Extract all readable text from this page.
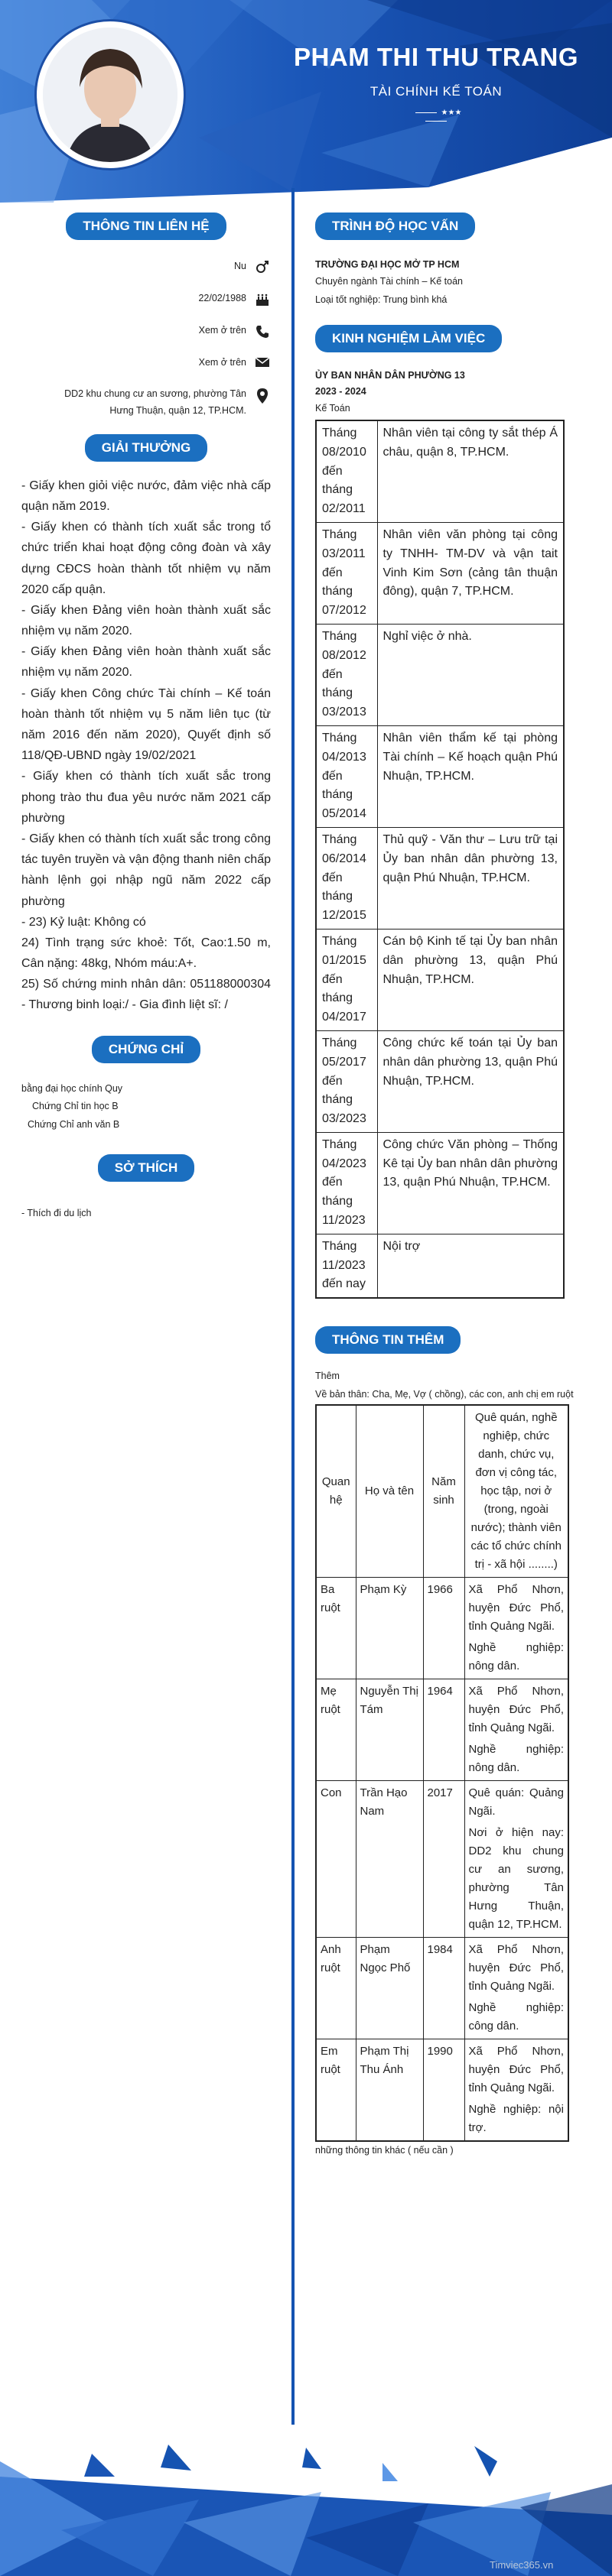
PHAM THI THU TRANG
TÀI CHÍNH KẾ TOÁN
★★★
THÔNG TIN LIÊN HỆ
Nu
22/02/1988
Xem ở trên
Xem ở trên
DD2 khu chung cư an sương, phường Tân
Hưng Thuận, quận 12, TP.HCM.
GIẢI THƯỞNG
- Giấy khen giỏi việc nước, đảm việc nhà cấp quận năm 2019.
- Giấy khen có thành tích xuất sắc trong tổ chức triển khai hoạt động công đoàn và xây dựng CĐCS hoàn thành tốt nhiệm vụ năm 2020 cấp quận.
- Giấy khen Đảng viên hoàn thành xuất sắc nhiệm vụ năm 2020.
- Giấy khen Đảng viên hoàn thành xuất sắc nhiệm vụ năm 2020.
- Giấy khen Công chức Tài chính – Kế toán hoàn thành tốt nhiệm vụ 5 năm liên tục (từ năm 2016 đến năm 2020), Quyết định số 118/QĐ-UBND ngày 19/02/2021
- Giấy khen có thành tích xuất sắc trong phong trào thu đua yêu nước năm 2021 cấp phường
- Giấy khen có thành tích xuất sắc trong công tác tuyên truyền và vận động thanh niên chấp hành lệnh gọi nhập ngũ năm 2022 cấp phường
- 23) Kỷ luật: Không có
24) Tình trạng sức khoẻ: Tốt, Cao:1.50 m, Cân nặng: 48kg, Nhóm máu:A+.
25) Số chứng minh nhân dân: 051188000304 - Thương binh loại:/ - Gia đình liệt sĩ: /
CHỨNG CHỈ
bằng đại học chính Quy
Chứng Chỉ tin học B
Chứng Chỉ anh văn B
SỞ THÍCH
- Thích đi du lịch
TRÌNH ĐỘ HỌC VẤN
TRƯỜNG ĐẠI HỌC MỞ TP HCM
Chuyên ngành Tài chính – Kế toán
Loại tốt nghiệp: Trung bình khá
KINH NGHIỆM LÀM VIỆC
ỦY BAN NHÂN DÂN PHƯỜNG 13
2023 - 2024
Kế Toán
Tháng 08/2010 đến tháng 02/2011	Nhân viên tại công ty sắt thép Á châu, quận 8, TP.HCM.
Tháng 03/2011 đến tháng 07/2012	Nhân viên văn phòng tại công ty TNHH- TM-DV và vận tait Vinh Kim Sơn (cảng tân thuận đông), quận 7, TP.HCM.
Tháng 08/2012 đến tháng 03/2013	Nghỉ việc ở nhà.
Tháng 04/2013 đến tháng 05/2014	Nhân viên thẩm kế tại phòng Tài chính – Kế hoạch quận Phú Nhuận, TP.HCM.
Tháng 06/2014 đến tháng 12/2015	Thủ quỹ - Văn thư – Lưu trữ tại Ủy ban nhân dân phường 13, quận Phú Nhuận, TP.HCM.
Tháng 01/2015 đến tháng 04/2017	Cán bộ Kinh tế tại Ủy ban nhân dân phường 13, quận Phú Nhuận, TP.HCM.
Tháng 05/2017 đến tháng 03/2023	Công chức kế toán tại Ủy ban nhân dân phường 13, quận Phú Nhuận, TP.HCM.
Tháng 04/2023 đến tháng 11/2023	Công chức Văn phòng – Thống Kê tại Ủy ban nhân dân phường 13, quận Phú Nhuận, TP.HCM.
Tháng 11/2023 đến nay	Nội trợ
THÔNG TIN THÊM
Thêm
Về bản thân: Cha, Mẹ, Vợ ( chồng), các con, anh chị em ruột
Quan hệ	Họ và tên	Năm sinh	Quê quán, nghề nghiệp, chức danh, chức vụ, đơn vị công tác, học tập, nơi ở (trong, ngoài nước); thành viên các tổ chức chính trị - xã hội ........)
Ba ruột	Phạm Kỳ	1966	Xã Phổ Nhơn, huyện Đức Phổ, tỉnh Quảng Ngãi.
Nghề nghiệp: nông dân.

Mẹ ruột	Nguyễn Thị Tám	1964	Xã Phổ Nhơn, huyện Đức Phổ, tỉnh Quảng Ngãi.
Nghề nghiệp: nông dân.

Con	Trần Hạo Nam	2017	Quê quán: Quảng Ngãi.
Nơi ở hiện nay: DD2 khu chung cư an sương, phường Tân Hưng Thuận, quận 12, TP.HCM.

Anh ruột	Phạm Ngọc Phố	1984	Xã Phổ Nhơn, huyện Đức Phổ, tỉnh Quảng Ngãi.
Nghề nghiệp: công dân.

Em ruột	Phạm Thị Thu Ánh	1990	Xã Phổ Nhơn, huyện Đức Phổ, tỉnh Quảng Ngãi.
Nghề nghiệp: nội trợ.
những thông tin khác ( nếu cần )
Timviec365.vn
